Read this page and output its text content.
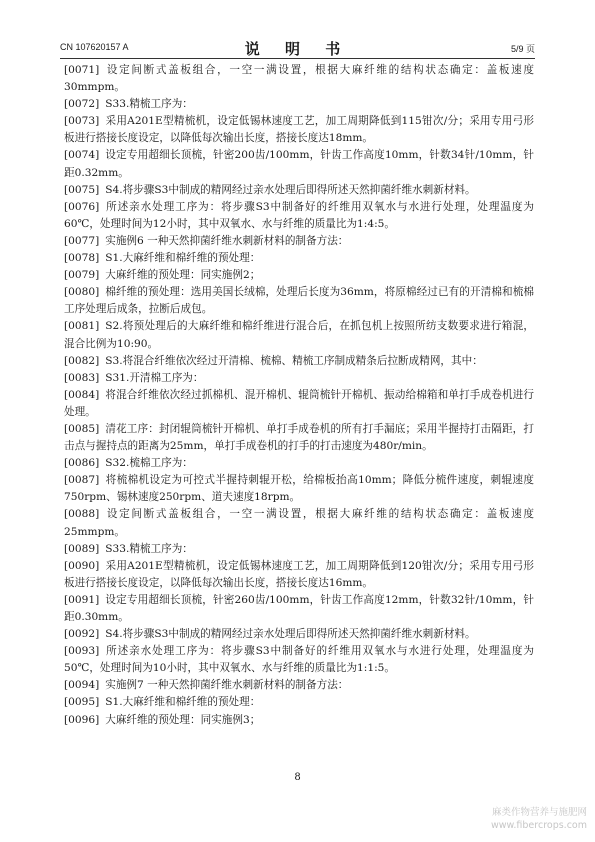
CN 107620157 A	说 明 书	5/9 页
[0071] 设定间断式盖板组合，一空一满设置，根据大麻纤维的结构状态确定：盖板速度30mmpm。
[0072] S33.精梳工序为：
[0073] 采用A201E型精梳机，设定低锡林速度工艺，加工周期降低到115钳次/分；采用专用弓形板进行搭接长度设定，以降低每次输出长度，搭接长度达18mm。
[0074] 设定专用超细长顶梳，针密200齿/100mm，针齿工作高度10mm，针数34针/10mm，针距0.32mm。
[0075] S4.将步骤S3中制成的精网经过亲水处理后即得所述天然抑菌纤维水刺新材料。
[0076] 所述亲水处理工序为：将步骤S3中制备好的纤维用双氧水与水进行处理，处理温度为60℃，处理时间为12小时，其中双氧水、水与纤维的质量比为1:4:5。
[0077] 实施例6 一种天然抑菌纤维水刺新材料的制备方法：
[0078] S1.大麻纤维和棉纤维的预处理：
[0079] 大麻纤维的预处理：同实施例2；
[0080] 棉纤维的预处理：选用美国长绒棉，处理后长度为36mm，将原棉经过已有的开清棉和梳棉工序处理后成条，拉断后成包。
[0081] S2.将预处理后的大麻纤维和棉纤维进行混合后，在抓包机上按照所纺支数要求进行箱混，混合比例为10:90。
[0082] S3.将混合纤维依次经过开清棉、梳棉、精梳工序制成精条后拉断成精网，其中：
[0083] S31.开清棉工序为：
[0084] 将混合纤维依次经过抓棉机、混开棉机、辊筒梳针开棉机、振动给棉箱和单打手成卷机进行处理。
[0085] 清花工序：封闭辊筒梳针开棉机、单打手成卷机的所有打手漏底；采用半握持打击隔距，打击点与握持点的距离为25mm，单打手成卷机的打手的打击速度为480r/min。
[0086] S32.梳棉工序为：
[0087] 将梳棉机设定为可控式半握持刺辊开松，给棉板抬高10mm；降低分梳件速度，刺辊速度750rpm、锡林速度250rpm、道夫速度18rpm。
[0088] 设定间断式盖板组合，一空一满设置，根据大麻纤维的结构状态确定：盖板速度25mmpm。
[0089] S33.精梳工序为：
[0090] 采用A201E型精梳机，设定低锡林速度工艺，加工周期降低到120钳次/分；采用专用弓形板进行搭接长度设定，以降低每次输出长度，搭接长度达16mm。
[0091] 设定专用超细长顶梳，针密260齿/100mm，针齿工作高度12mm，针数32针/10mm，针距0.30mm。
[0092] S4.将步骤S3中制成的精网经过亲水处理后即得所述天然抑菌纤维水刺新材料。
[0093] 所述亲水处理工序为：将步骤S3中制备好的纤维用双氧水与水进行处理，处理温度为50℃，处理时间为10小时，其中双氧水、水与纤维的质量比为1:1:5。
[0094] 实施例7 一种天然抑菌纤维水刺新材料的制备方法：
[0095] S1.大麻纤维和棉纤维的预处理：
[0096] 大麻纤维的预处理：同实施例3；
8
麻类作物营养与施肥网
www.fibercrops.com
